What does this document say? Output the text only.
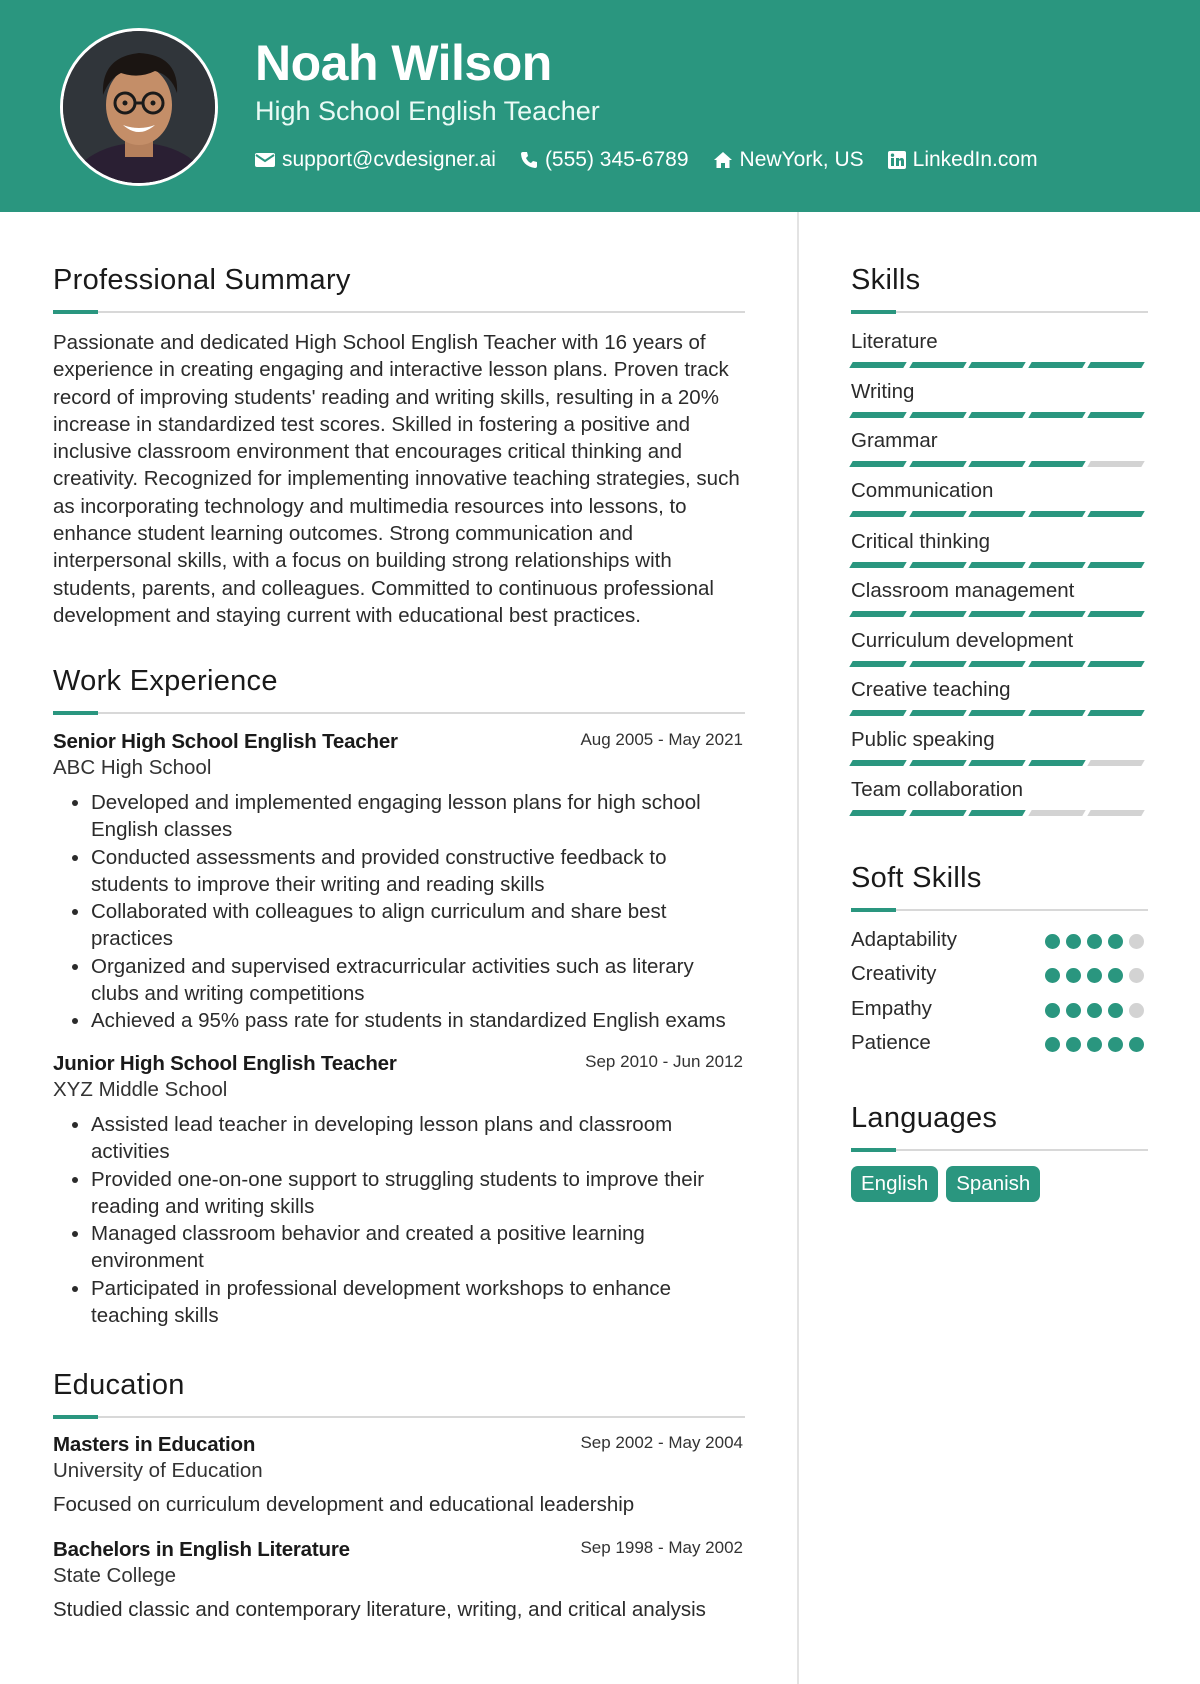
Noah Wilson
High School English Teacher
support@cvdesigner.ai (555) 345-6789 NewYork, US LinkedIn.com
Professional Summary
Passionate and dedicated High School English Teacher with 16 years of experience in creating engaging and interactive lesson plans. Proven track record of improving students' reading and writing skills, resulting in a 20% increase in standardized test scores. Skilled in fostering a positive and inclusive classroom environment that encourages critical thinking and creativity. Recognized for implementing innovative teaching strategies, such as incorporating technology and multimedia resources into lessons, to enhance student learning outcomes. Strong communication and interpersonal skills, with a focus on building strong relationships with students, parents, and colleagues. Committed to continuous professional development and staying current with educational best practices.
Work Experience
Senior High School English Teacher	Aug 2005 - May 2021
ABC High School
• Developed and implemented engaging lesson plans for high school English classes
• Conducted assessments and provided constructive feedback to students to improve their writing and reading skills
• Collaborated with colleagues to align curriculum and share best practices
• Organized and supervised extracurricular activities such as literary clubs and writing competitions
• Achieved a 95% pass rate for students in standardized English exams
Junior High School English Teacher	Sep 2010 - Jun 2012
XYZ Middle School
• Assisted lead teacher in developing lesson plans and classroom activities
• Provided one-on-one support to struggling students to improve their reading and writing skills
• Managed classroom behavior and created a positive learning environment
• Participated in professional development workshops to enhance teaching skills
Education
Masters in Education	Sep 2002 - May 2004
University of Education
Focused on curriculum development and educational leadership
Bachelors in English Literature	Sep 1998 - May 2002
State College
Studied classic and contemporary literature, writing, and critical analysis
Skills
Literature
Writing
Grammar
Communication
Critical thinking
Classroom management
Curriculum development
Creative teaching
Public speaking
Team collaboration
Soft Skills
Adaptability
Creativity
Empathy
Patience
Languages
English	Spanish
